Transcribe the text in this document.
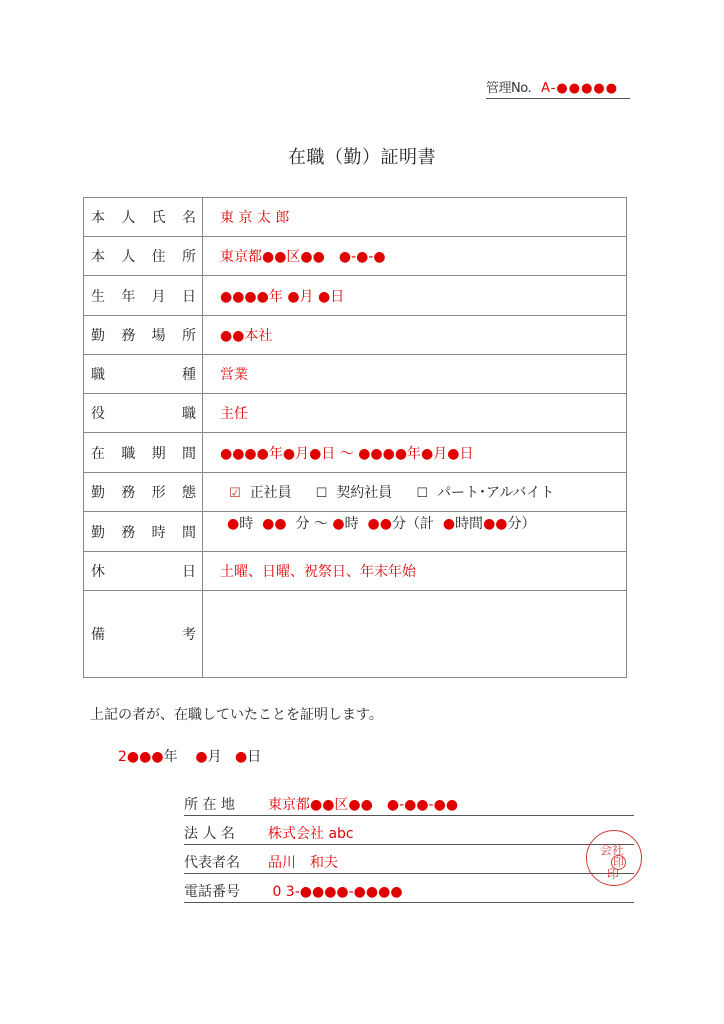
管理No. A-●●●●●
在職（勤）証明書
本 人 氏 名	東 京 太 郎

本 人 住 所	東京都●●区●●　●-●-●

生 年 月 日	●●●●年 ●月 ●日

勤 務 場 所	●●本社

職 種	営業

役 職	主任

在 職 期 間	●●●●年●月●日 ～ ●●●●年●月●日

勤 務 形 態	☑ 正社員 ☐ 契約社員 ☐ パート･アルバイト

勤 務 時 間	●時 ●● 分 ～ ●時 ●●分（計 ●時間●●分）

休 日	土曜、日曜、祝祭日、年末年始

備 考	

上記の者が、在職していたことを証明します。
2●●●年 ●月 ●日
所 在 地 東京都●●区●●　●-●●-●●
法 人 名 株式会社 abc
代表者名 品川　和夫
電話番号 0 3-●●●●-●●●●
会社
印
印
